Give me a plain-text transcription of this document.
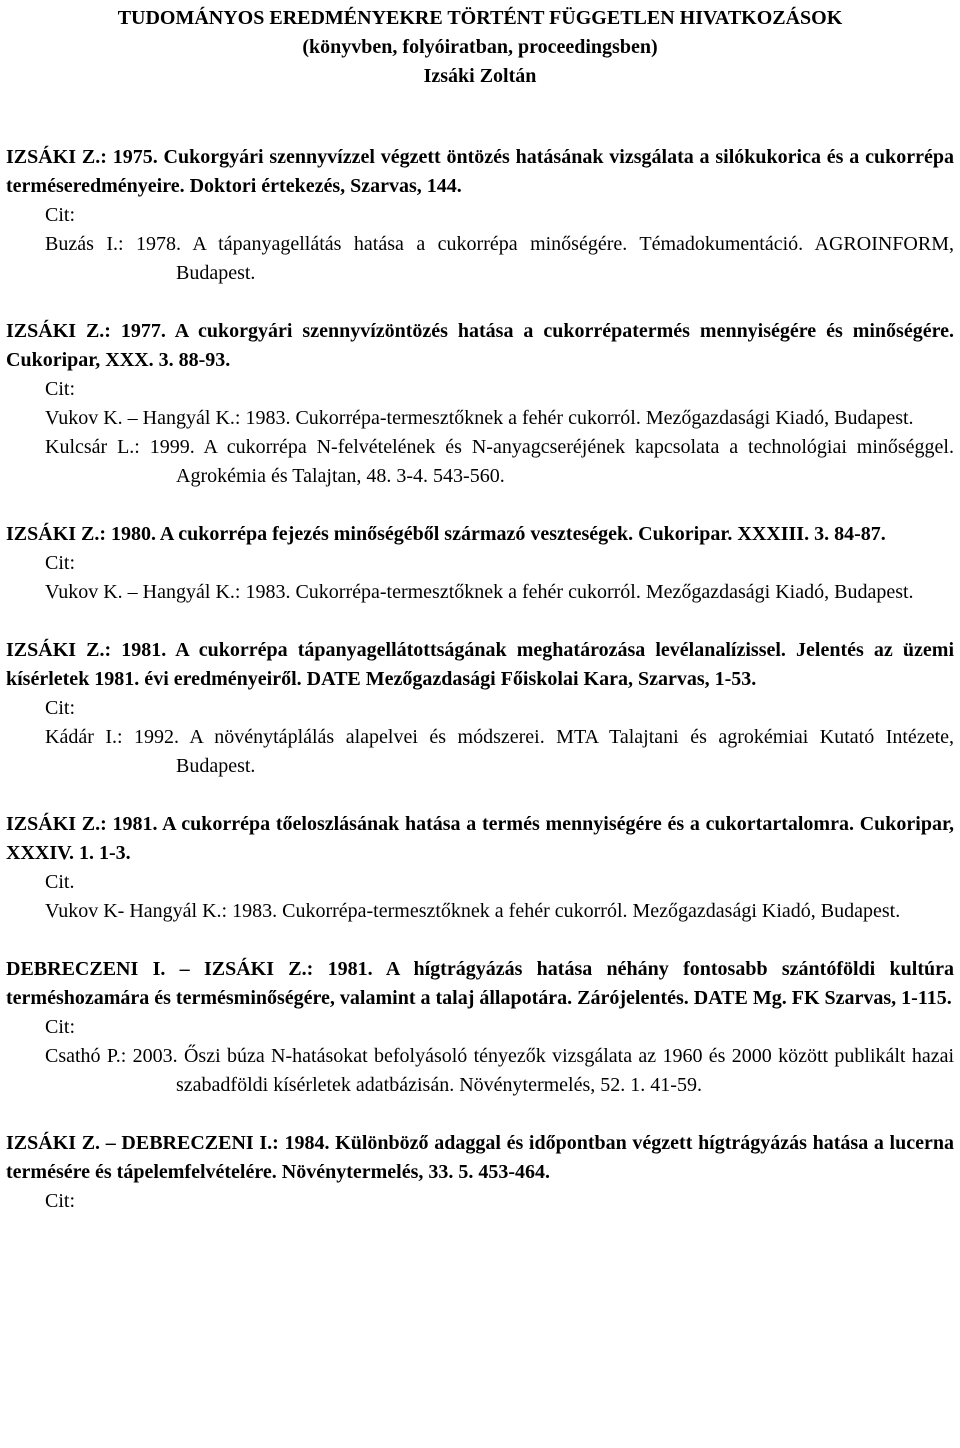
TUDOMÁNYOS EREDMÉNYEKRE TÖRTÉNT FÜGGETLEN HIVATKOZÁSOK
(könyvben, folyóiratban, proceedingsben)
Izsáki Zoltán
IZSÁKI Z.: 1975. Cukorgyári szennyvízzel végzett öntözés hatásának vizsgálata a silókukorica és a cukorrépa terméseredményeire. Doktori értekezés, Szarvas, 144.
Cit:
Buzás I.: 1978. A tápanyagellátás hatása a cukorrépa minőségére. Témadokumentáció. AGROINFORM, Budapest.
IZSÁKI Z.: 1977. A cukorgyári szennyvízöntözés hatása a cukorrépatermés mennyiségére és minőségére. Cukoripar, XXX. 3. 88-93.
Cit:
Vukov K. – Hangyál K.: 1983. Cukorrépa-termesztőknek a fehér cukorról. Mezőgazdasági Kiadó, Budapest.
Kulcsár L.: 1999. A cukorrépa N-felvételének és N-anyagcseréjének kapcsolata a technológiai minőséggel. Agrokémia és Talajtan, 48. 3-4. 543-560.
IZSÁKI Z.: 1980. A cukorrépa fejezés minőségéből származó veszteségek. Cukoripar. XXXIII. 3. 84-87.
Cit:
Vukov K. – Hangyál K.: 1983. Cukorrépa-termesztőknek a fehér cukorról. Mezőgazdasági Kiadó, Budapest.
IZSÁKI Z.: 1981. A cukorrépa tápanyagellátottságának meghatározása levélanalízissel. Jelentés az üzemi kísérletek 1981. évi eredményeiről. DATE Mezőgazdasági Főiskolai Kara, Szarvas, 1-53.
Cit:
Kádár I.: 1992. A növénytáplálás alapelvei és módszerei. MTA Talajtani és agrokémiai Kutató Intézete, Budapest.
IZSÁKI Z.: 1981. A cukorrépa tőeloszlásának hatása a termés mennyiségére és a cukortartalomra. Cukoripar, XXXIV. 1. 1-3.
Cit.
Vukov K- Hangyál K.: 1983. Cukorrépa-termesztőknek a fehér cukorról. Mezőgazdasági Kiadó, Budapest.
DEBRECZENI I. – IZSÁKI Z.: 1981. A hígtrágyázás hatása néhány fontosabb szántóföldi kultúra terméshozamára és termésminőségére, valamint a talaj állapotára. Zárójelentés. DATE Mg. FK Szarvas, 1-115.
Cit:
Csathó P.: 2003. Őszi búza N-hatásokat befolyásoló tényezők vizsgálata az 1960 és 2000 között publikált hazai szabadföldi kísérletek adatbázisán. Növénytermelés, 52. 1. 41-59.
IZSÁKI Z. – DEBRECZENI I.: 1984. Különböző adaggal és időpontban végzett hígtrágyázás hatása a lucerna termésére és tápelemfelvételére. Növénytermelés, 33. 5. 453-464.
Cit:
